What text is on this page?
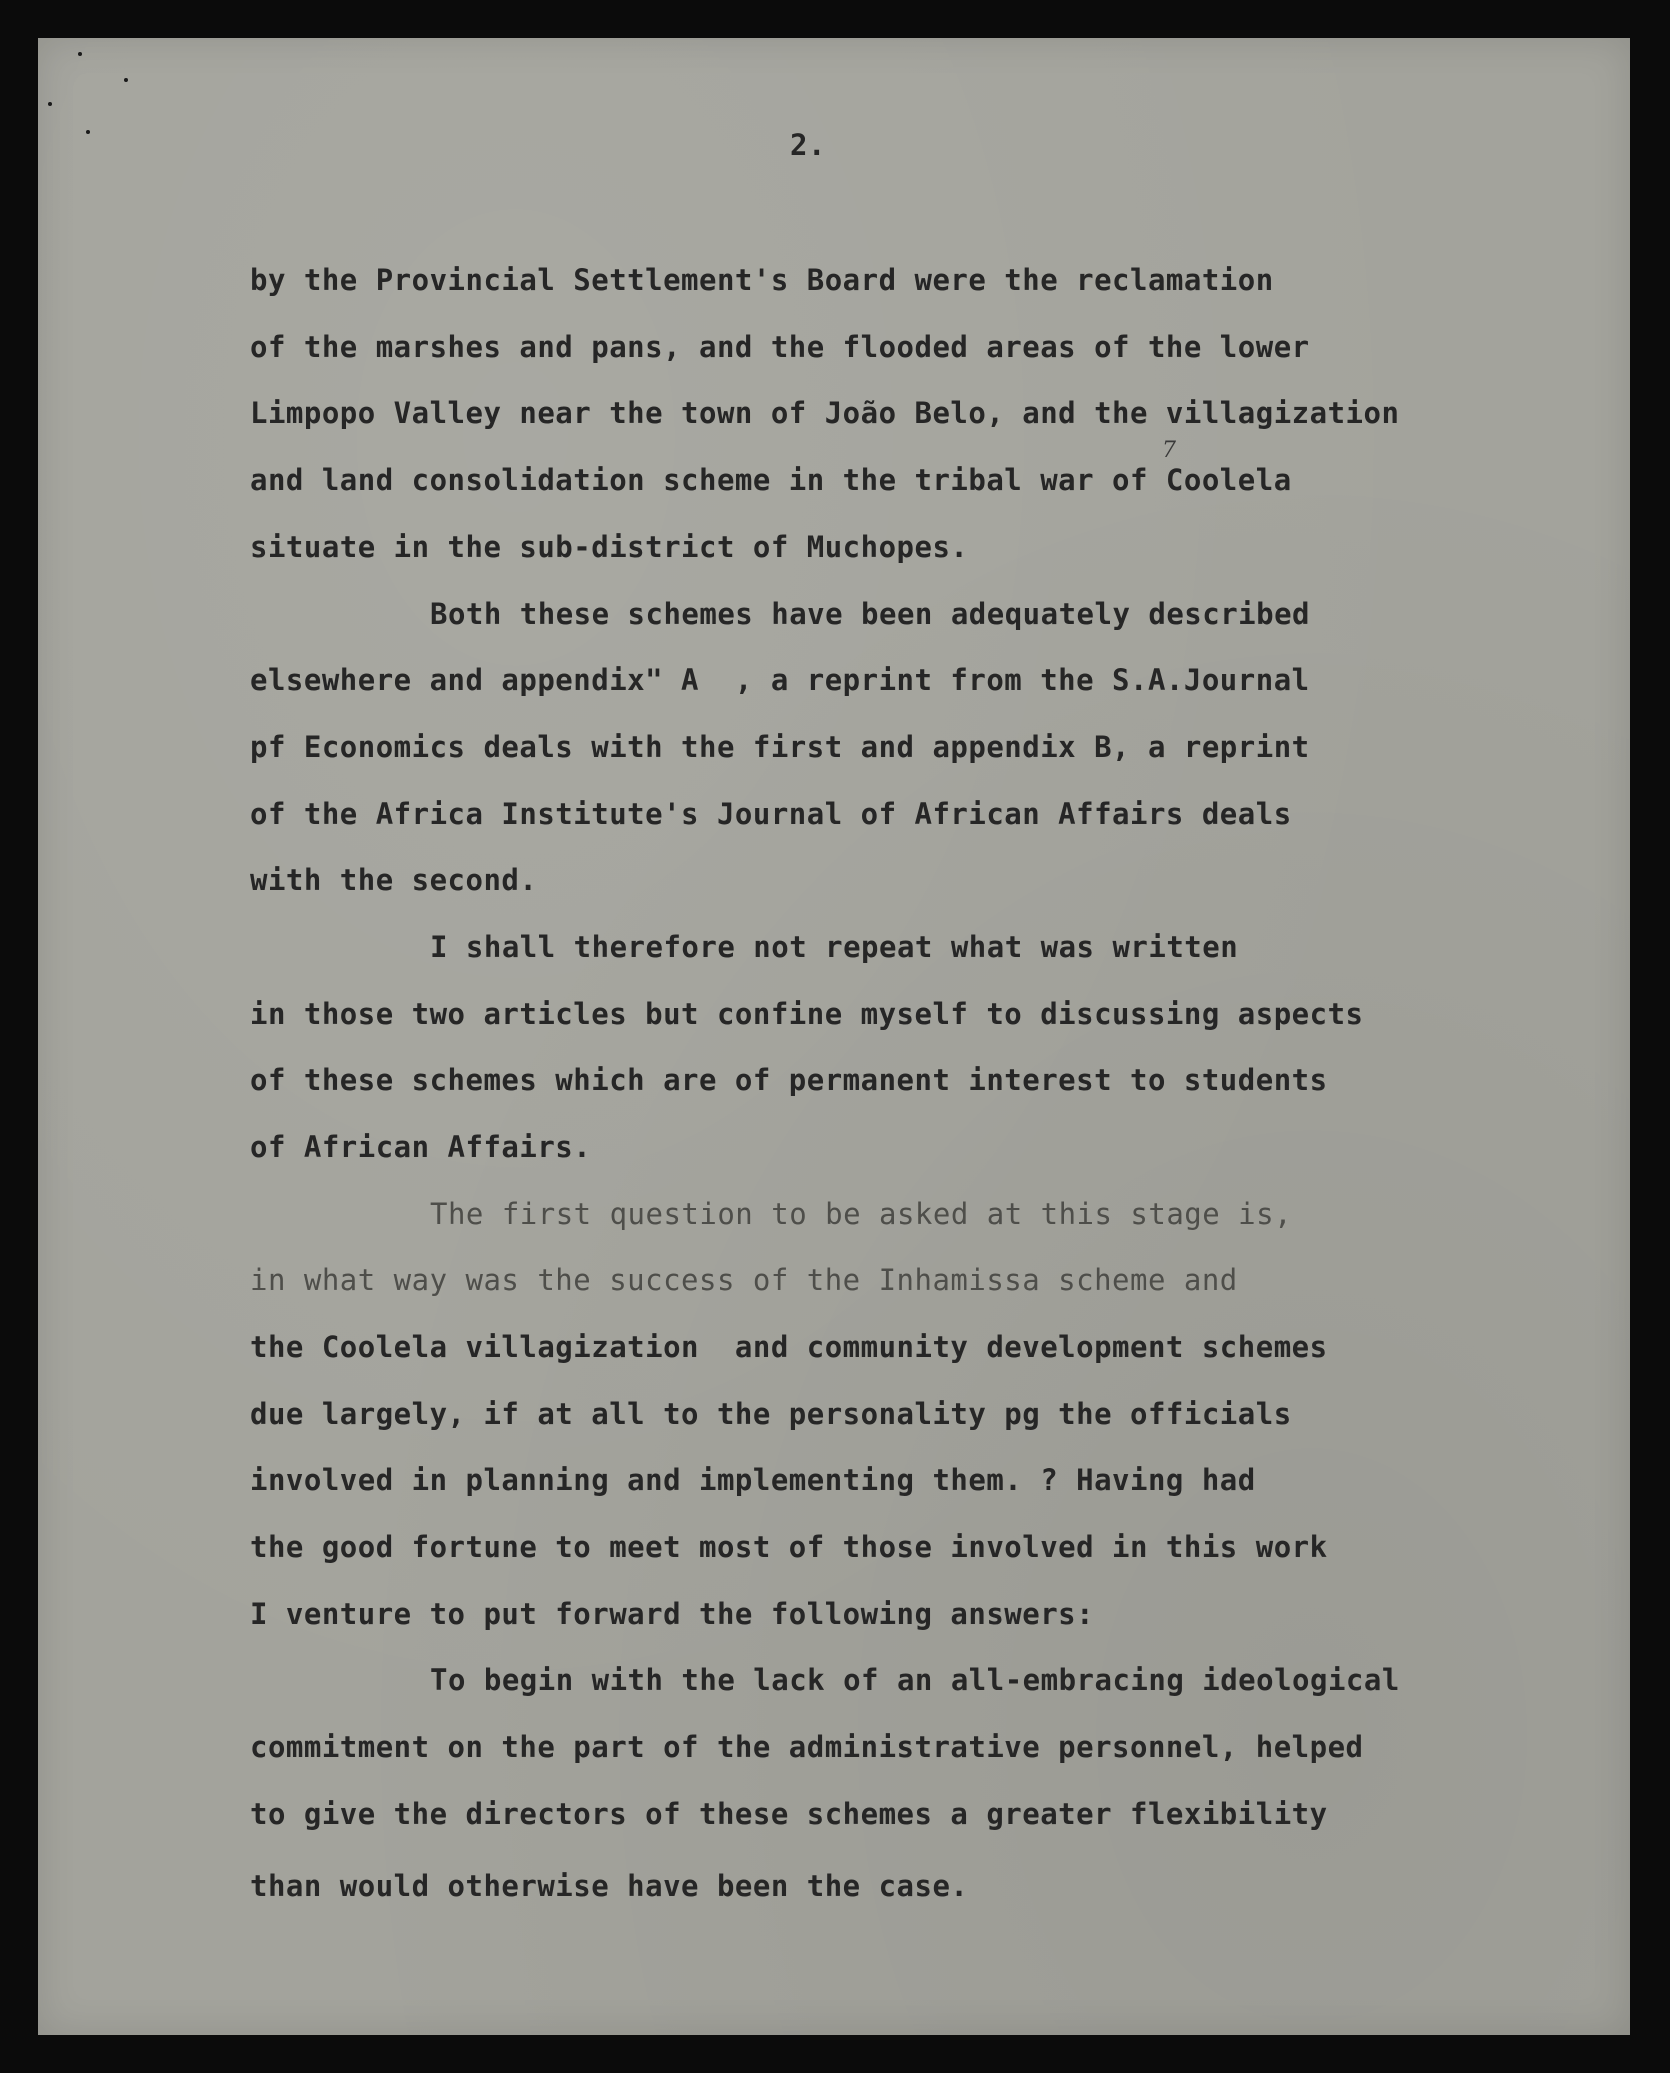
2.
7
by the Provincial Settlement's Board were the reclamation
of the marshes and pans, and the flooded areas of the lower
Limpopo Valley near the town of João Belo, and the villagization
and land consolidation scheme in the tribal war of Coolela
situate in the sub-district of Muchopes.
Both these schemes have been adequately described
elsewhere and appendix" A  , a reprint from the S.A.Journal
pf Economics deals with the first and appendix B, a reprint
of the Africa Institute's Journal of African Affairs deals
with the second.
I shall therefore not repeat what was written
in those two articles but confine myself to discussing aspects
of these schemes which are of permanent interest to students
of African Affairs.
The first question to be asked at this stage is,
in what way was the success of the Inhamissa scheme and
the Coolela villagization  and community development schemes
due largely, if at all to the personality pg the officials
involved in planning and implementing them. ? Having had
the good fortune to meet most of those involved in this work
I venture to put forward the following answers:
To begin with the lack of an all-embracing ideological
commitment on the part of the administrative personnel, helped
to give the directors of these schemes a greater flexibility
than would otherwise have been the case.
